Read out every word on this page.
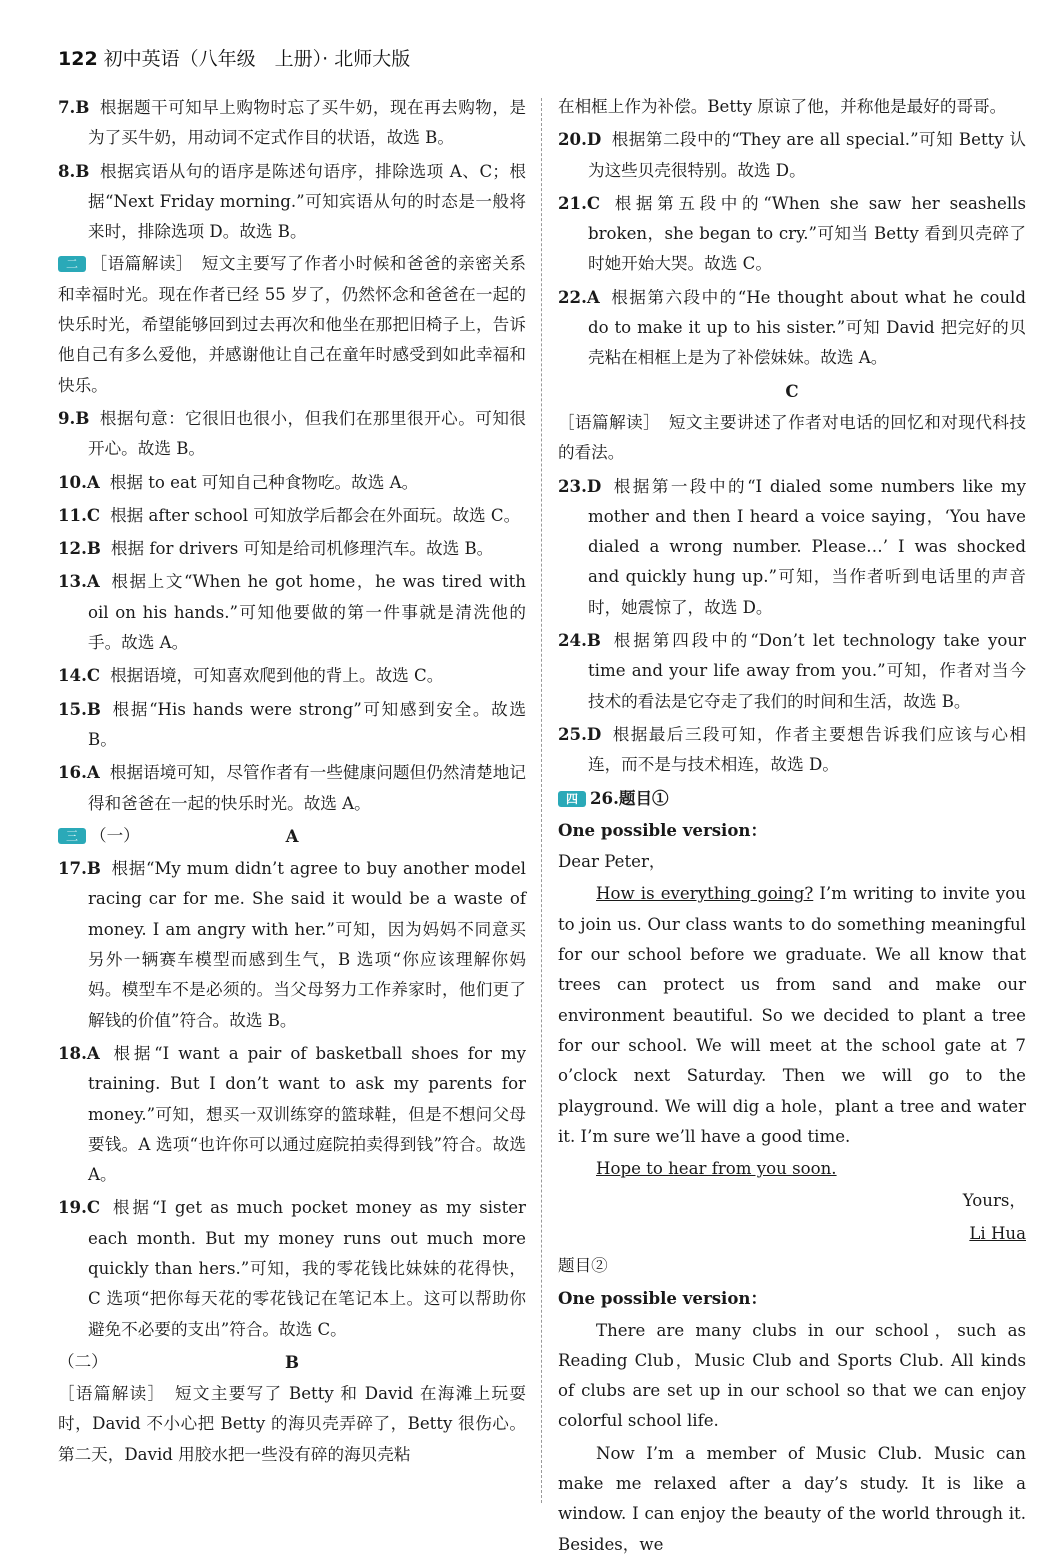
122 初中英语（八年级　上册）· 北师大版
7.B 根据题干可知早上购物时忘了买牛奶，现在再去购物，是为了买牛奶，用动词不定式作目的状语，故选 B。
8.B 根据宾语从句的语序是陈述句语序，排除选项 A、C；根据“Next Friday morning.”可知宾语从句的时态是一般将来时，排除选项 D。故选 B。
二 ［语篇解读］　短文主要写了作者小时候和爸爸的亲密关系和幸福时光。现在作者已经 55 岁了，仍然怀念和爸爸在一起的快乐时光，希望能够回到过去再次和他坐在那把旧椅子上，告诉他自己有多么爱他，并感谢他让自己在童年时感受到如此幸福和快乐。
9.B 根据句意：它很旧也很小，但我们在那里很开心。可知很开心。故选 B。
10.A 根据 to eat 可知自己种食物吃。故选 A。
11.C 根据 after school 可知放学后都会在外面玩。故选 C。
12.B 根据 for drivers 可知是给司机修理汽车。故选 B。
13.A 根据上文“When he got home，he was tired with oil on his hands.”可知他要做的第一件事就是清洗他的手。故选 A。
14.C 根据语境，可知喜欢爬到他的背上。故选 C。
15.B 根据“His hands were strong”可知感到安全。故选 B。
16.A 根据语境可知，尽管作者有一些健康问题但仍然清楚地记得和爸爸在一起的快乐时光。故选 A。
三 （一）	A
17.B 根据“My mum didn’t agree to buy another model racing car for me. She said it would be a waste of money. I am angry with her.”可知，因为妈妈不同意买另外一辆赛车模型而感到生气，B 选项“你应该理解你妈妈。模型车不是必须的。当父母努力工作养家时，他们更了解钱的价值”符合。故选 B。
18.A 根据“I want a pair of basketball shoes for my training. But I don’t want to ask my parents for money.”可知，想买一双训练穿的篮球鞋，但是不想问父母要钱。A 选项“也许你可以通过庭院拍卖得到钱”符合。故选 A。
19.C 根据“I get as much pocket money as my sister each month. But my money runs out much more quickly than hers.”可知，我的零花钱比妹妹的花得快，C 选项“把你每天花的零花钱记在笔记本上。这可以帮助你避免不必要的支出”符合。故选 C。
（二）	B
［语篇解读］　短文主要写了 Betty 和 David 在海滩上玩耍时，David 不小心把 Betty 的海贝壳弄碎了，Betty 很伤心。第二天，David 用胶水把一些没有碎的海贝壳粘
在相框上作为补偿。Betty 原谅了他，并称他是最好的哥哥。
20.D 根据第二段中的“They are all special.”可知 Betty 认为这些贝壳很特别。故选 D。
21.C 根据第五段中的“When she saw her seashells broken，she began to cry.”可知当 Betty 看到贝壳碎了时她开始大哭。故选 C。
22.A 根据第六段中的“He thought about what he could do to make it up to his sister.”可知 David 把完好的贝壳粘在相框上是为了补偿妹妹。故选 A。
C
［语篇解读］　短文主要讲述了作者对电话的回忆和对现代科技的看法。
23.D 根据第一段中的“I dialed some numbers like my mother and then I heard a voice saying，‘You have dialed a wrong number. Please…’ I was shocked and quickly hung up.”可知，当作者听到电话里的声音时，她震惊了，故选 D。
24.B 根据第四段中的“Don’t let technology take your time and your life away from you.”可知，作者对当今技术的看法是它夺走了我们的时间和生活，故选 B。
25.D 根据最后三段可知，作者主要想告诉我们应该与心相连，而不是与技术相连，故选 D。
四 26.题目①
One possible version：
Dear Peter，
How is everything going? I’m writing to invite you to join us. Our class wants to do something meaningful for our school before we graduate. We all know that trees can protect us from sand and make our environment beautiful. So we decided to plant a tree for our school. We will meet at the school gate at 7 o’clock next Saturday. Then we will go to the playground. We will dig a hole，plant a tree and water it. I’m sure we’ll have a good time.
Hope to hear from you soon.
Yours，
Li Hua
题目②
One possible version：
There are many clubs in our school，such as Reading Club，Music Club and Sports Club. All kinds of clubs are set up in our school so that we can enjoy colorful school life.
Now I’m a member of Music Club. Music can make me relaxed after a day’s study. It is like a window. I can enjoy the beauty of the world through it. Besides，we
